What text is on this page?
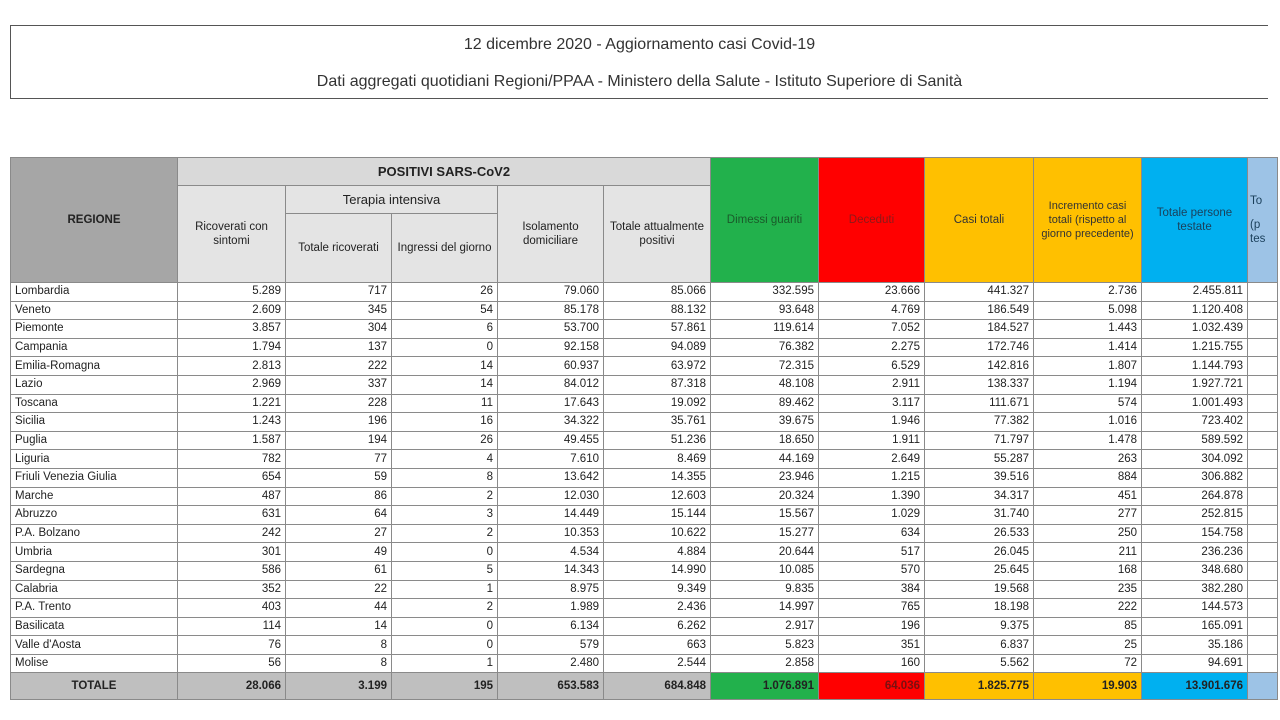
12 dicembre 2020 - Aggiornamento casi Covid-19
Dati aggregati quotidiani Regioni/PPAA - Ministero della Salute - Istituto Superiore di Sanità
REGIONE	POSITIVI SARS-CoV2					Dimessi guariti	Deceduti	Casi totali	Incremento casi totali (rispetto al giorno precedente)	Totale persone testate	To
(p
tes

	Ricoverati con sintomi	Terapia intensiva		Isolamento domiciliare	Totale attualmente positivi						
		Totale ricoverati	Ingressi del giorno								
Lombardia	5.289	717	26	79.060	85.066	332.595	23.666	441.327	2.736	2.455.811	
Veneto	2.609	345	54	85.178	88.132	93.648	4.769	186.549	5.098	1.120.408	
Piemonte	3.857	304	6	53.700	57.861	119.614	7.052	184.527	1.443	1.032.439	
Campania	1.794	137	0	92.158	94.089	76.382	2.275	172.746	1.414	1.215.755	
Emilia-Romagna	2.813	222	14	60.937	63.972	72.315	6.529	142.816	1.807	1.144.793	
Lazio	2.969	337	14	84.012	87.318	48.108	2.911	138.337	1.194	1.927.721	
Toscana	1.221	228	11	17.643	19.092	89.462	3.117	111.671	574	1.001.493	
Sicilia	1.243	196	16	34.322	35.761	39.675	1.946	77.382	1.016	723.402	
Puglia	1.587	194	26	49.455	51.236	18.650	1.911	71.797	1.478	589.592	
Liguria	782	77	4	7.610	8.469	44.169	2.649	55.287	263	304.092	
Friuli Venezia Giulia	654	59	8	13.642	14.355	23.946	1.215	39.516	884	306.882	
Marche	487	86	2	12.030	12.603	20.324	1.390	34.317	451	264.878	
Abruzzo	631	64	3	14.449	15.144	15.567	1.029	31.740	277	252.815	
P.A. Bolzano	242	27	2	10.353	10.622	15.277	634	26.533	250	154.758	
Umbria	301	49	0	4.534	4.884	20.644	517	26.045	211	236.236	
Sardegna	586	61	5	14.343	14.990	10.085	570	25.645	168	348.680	
Calabria	352	22	1	8.975	9.349	9.835	384	19.568	235	382.280	
P.A. Trento	403	44	2	1.989	2.436	14.997	765	18.198	222	144.573	
Basilicata	114	14	0	6.134	6.262	2.917	196	9.375	85	165.091	
Valle d'Aosta	76	8	0	579	663	5.823	351	6.837	25	35.186	
Molise	56	8	1	2.480	2.544	2.858	160	5.562	72	94.691	
TOTALE	28.066	3.199	195	653.583	684.848	1.076.891	64.036	1.825.775	19.903	13.901.676	
